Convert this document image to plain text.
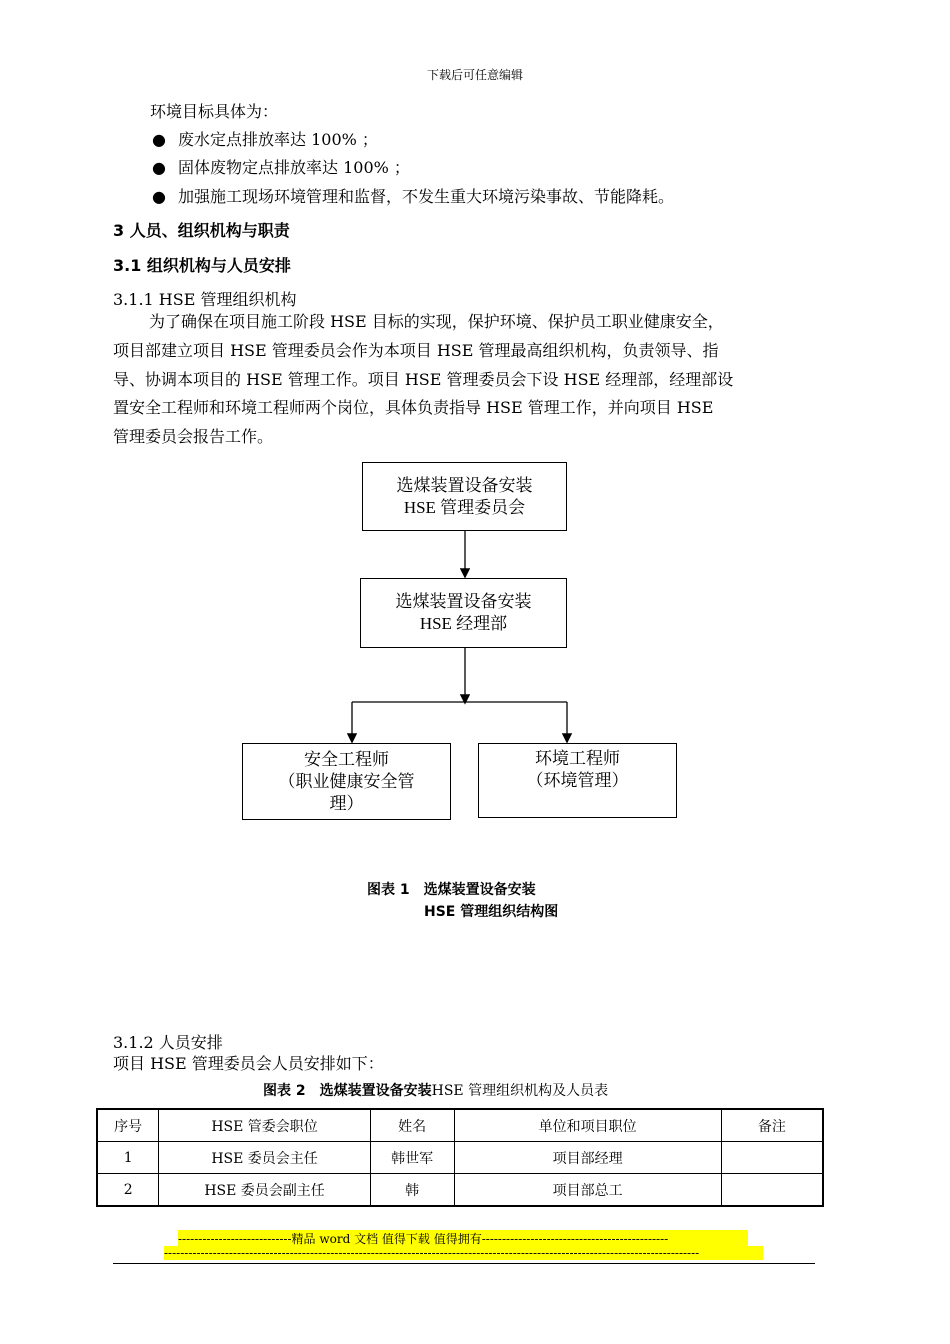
下载后可任意编辑
环境目标具体为：
● 废水定点排放率达 100% ；
● 固体废物定点排放率达 100% ；
● 加强施工现场环境管理和监督，不发生重大环境污染事故、节能降耗。
3 人员、组织机构与职责
3.1 组织机构与人员安排
3.1.1 HSE 管理组织机构
为了确保在项目施工阶段 HSE 目标的实现，保护环境、保护员工职业健康安全，
项目部建立项目 HSE 管理委员会作为本项目 HSE 管理最高组织机构，负责领导、指
导、协调本项目的 HSE 管理工作。项目 HSE 管理委员会下设 HSE 经理部，经理部设
置安全工程师和环境工程师两个岗位，具体负责指导 HSE 管理工作，并向项目 HSE
管理委员会报告工作。
选煤装置设备安装
HSE 管理委员会
选煤装置设备安装
HSE 经理部
安全工程师
（职业健康安全管
理）
环境工程师
（环境管理）
图表 1　选煤装置设备安装
HSE 管理组织结构图
3.1.2 人员安排
项目 HSE 管理委员会人员安排如下：
图表 2　选煤装置设备安装HSE 管理组织机构及人员表
序号	HSE 管委会职位	姓名	单位和项目职位	备注
1	HSE 委员会主任	韩世军	项目部经理	
2	HSE 委员会副主任	韩	项目部总工	
----------------------------精品 word 文档 值得下载 值得拥有----------------------------------------------
------------------------------------------------------------------------------------------------------------------------------------
